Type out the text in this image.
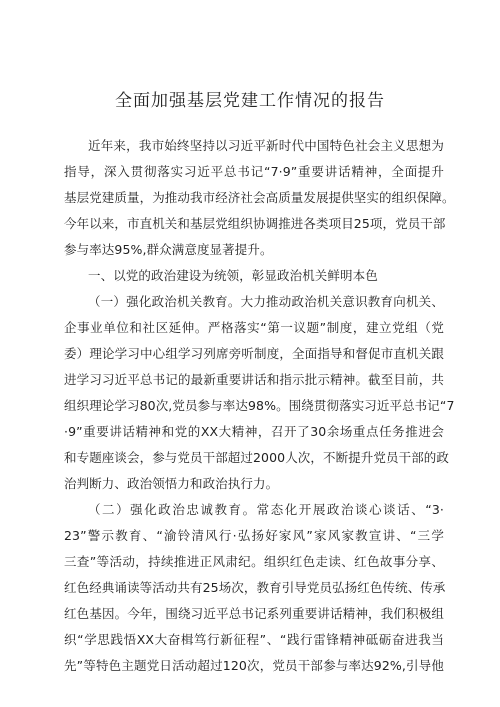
全面加强基层党建工作情况的报告
近年来，我市始终坚持以习近平新时代中国特色社会主义思想为
指导，深入贯彻落实习近平总书记“7·9”重要讲话精神，全面提升
基层党建质量，为推动我市经济社会高质量发展提供坚实的组织保障。
今年以来，市直机关和基层党组织协调推进各类项目25项，党员干部
参与率达95%,群众满意度显著提升。
一、以党的政治建设为统领，彰显政治机关鲜明本色
（一）强化政治机关教育。大力推动政治机关意识教育向机关、
企事业单位和社区延伸。严格落实“第一议题”制度，建立党组（党
委）理论学习中心组学习列席旁听制度，全面指导和督促市直机关跟
进学习习近平总书记的最新重要讲话和指示批示精神。截至目前，共
组织理论学习80次,党员参与率达98%。围绕贯彻落实习近平总书记“7
·9”重要讲话精神和党的XX大精神，召开了30余场重点任务推进会
和专题座谈会，参与党员干部超过2000人次，不断提升党员干部的政
治判断力、政治领悟力和政治执行力。
（二）强化政治忠诚教育。常态化开展政治谈心谈话、“3·
23”警示教育、“渝铃清风行·弘扬好家风”家风家教宣讲、“三学
三查”等活动，持续推进正风肃纪。组织红色走读、红色故事分享、
红色经典诵读等活动共有25场次，教育引导党员弘扬红色传统、传承
红色基因。今年，围绕习近平总书记系列重要讲话精神，我们积极组
织“学思践悟XX大奋楫笃行新征程”、“践行雷锋精神砥砺奋进我当
先”等特色主题党日活动超过120次，党员干部参与率达92%,引导他
